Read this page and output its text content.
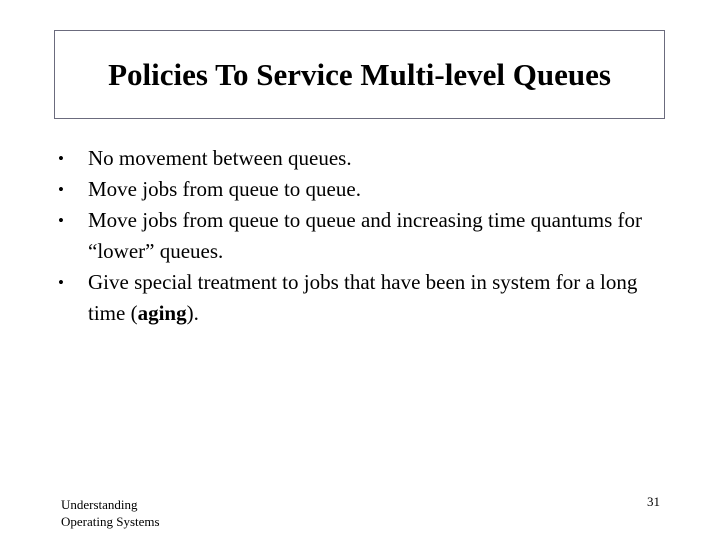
Policies To Service Multi-level Queues
•	No movement between queues.
•	Move jobs from queue to queue.
•	Move jobs from queue to queue and increasing time quantums for “lower” queues.
•	Give special treatment to jobs that have been in system for a long time (aging).
Understanding
Operating Systems
31
